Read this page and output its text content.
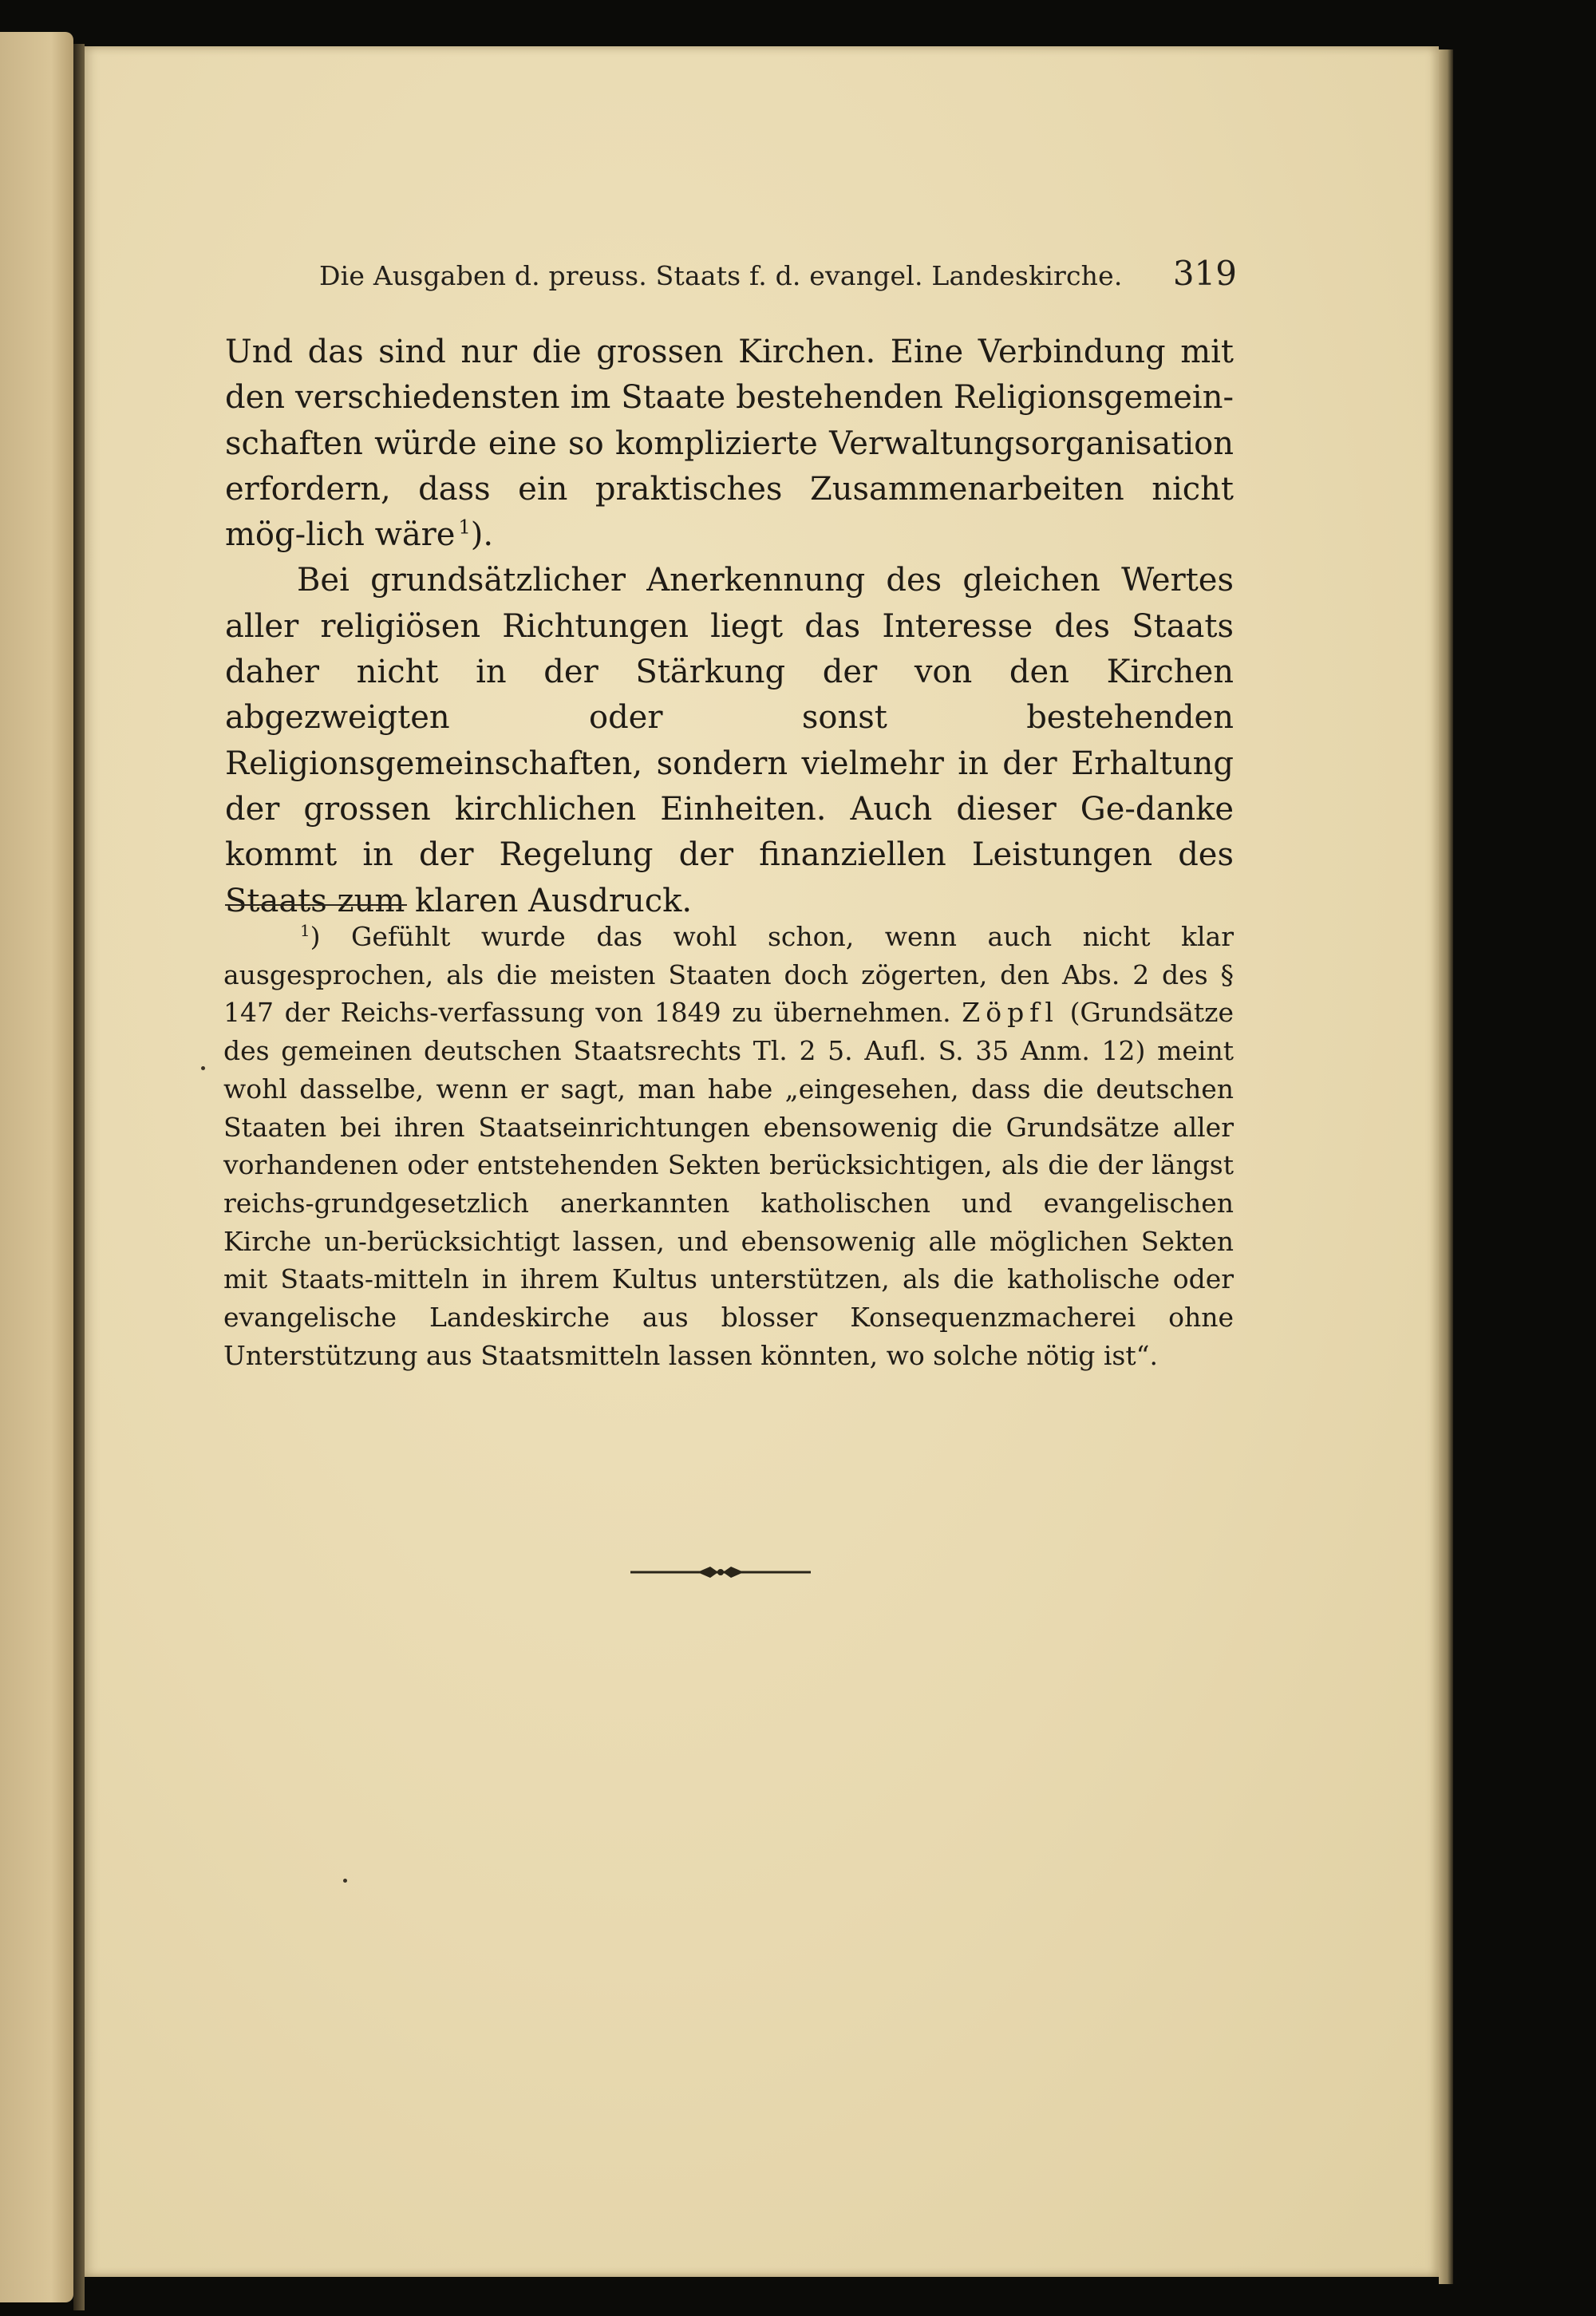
Die Ausgaben d. preuss. Staats f. d. evangel. Landeskirche. 319

Und das sind nur die grossen Kirchen. Eine Verbindung mit den verschiedensten im Staate bestehenden Religionsgemein-schaften würde eine so komplizierte Verwaltungsorganisation erfordern, dass ein praktisches Zusammenarbeiten nicht mög-lich wäre  $^1$).

Bei grundsätzlicher Anerkennung des gleichen Wertes aller religiösen Richtungen liegt das Interesse des Staats daher nicht in der Stärkung der von den Kirchen abgezweigten oder sonst bestehenden Religionsgemeinschaften, sondern vielmehr in der Erhaltung der grossen kirchlichen Einheiten. Auch dieser Ge-danke kommt in der Regelung der finanziellen Leistungen des Staats zum klaren Ausdruck.

$^1$) Gefühlt wurde das wohl schon, wenn auch nicht klar ausgesprochen, als die meisten Staaten doch zögerten, den Abs. 2 des § 147 der Reichs-verfassung von 1849 zu übernehmen. Zöpfl (Grundsätze des gemeinen deutschen Staatsrechts Tl. 2 5. Aufl. S. 35 Anm. 12) meint wohl dasselbe, wenn er sagt, man habe „eingesehen, dass die deutschen Staaten bei ihren Staatseinrichtungen ebensowenig die Grundsätze aller vorhandenen oder entstehenden Sekten berücksichtigen, als die der längst reichs-grundgesetzlich anerkannten katholischen und evangelischen Kirche un-berücksichtigt lassen, und ebensowenig alle möglichen Sekten mit Staats-mitteln in ihrem Kultus unterstützen, als die katholische oder evangelische Landeskirche aus blosser Konsequenzmacherei ohne Unterstützung aus Staatsmitteln lassen könnten, wo solche nötig ist“.
